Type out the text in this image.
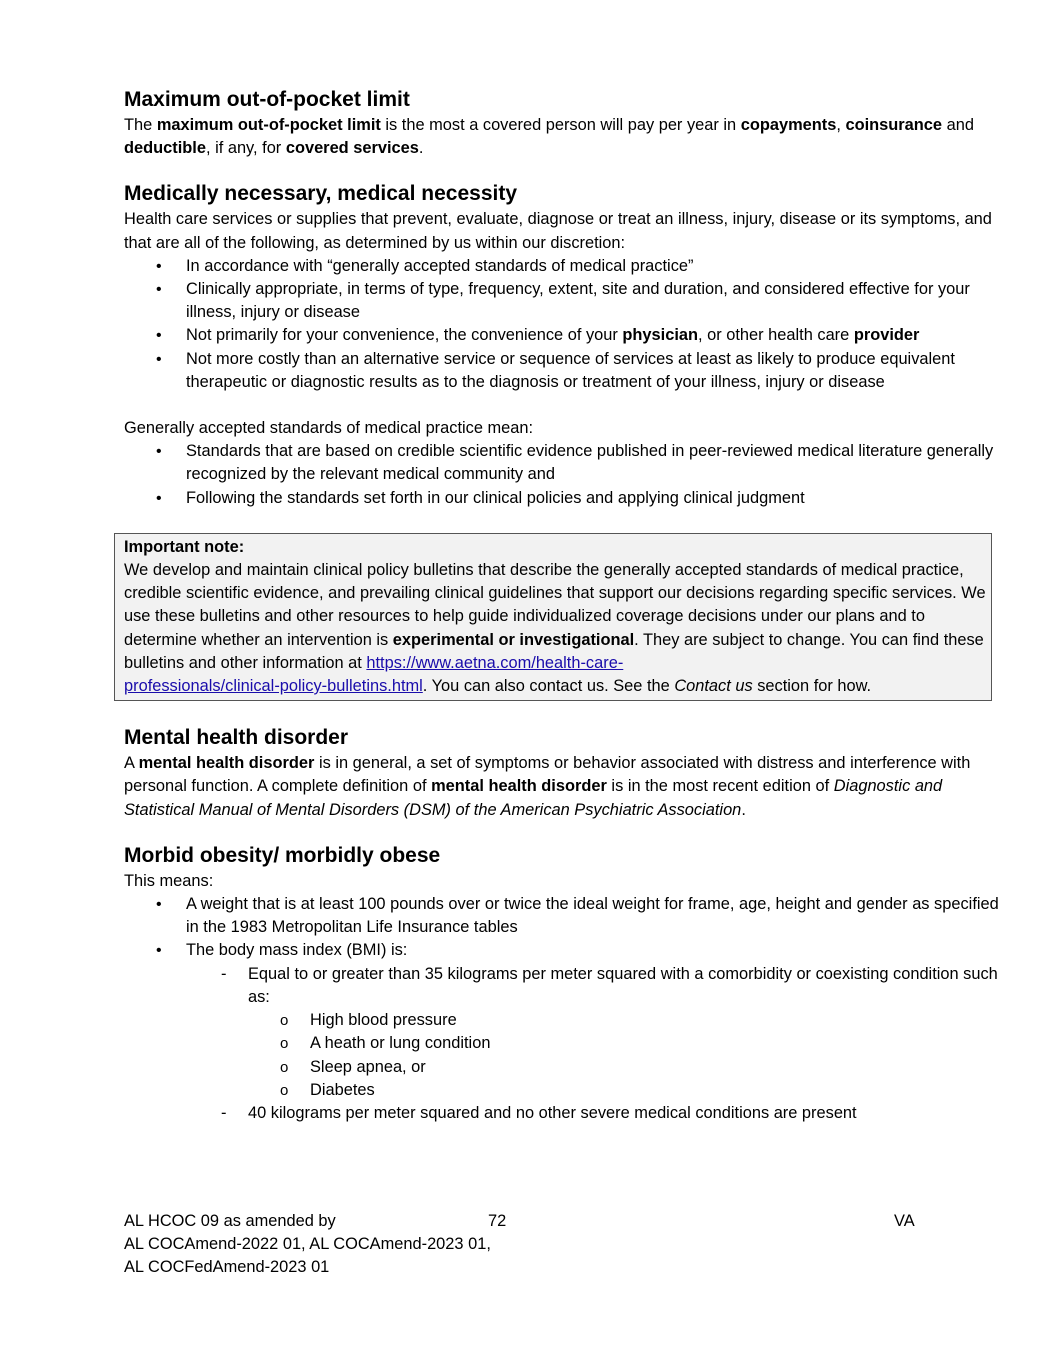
Maximum out-of-pocket limit

The maximum out-of-pocket limit is the most a covered person will pay per year in copayments, coinsurance and deductible, if any, for covered services.

Medically necessary, medical necessity

Health care services or supplies that prevent, evaluate, diagnose or treat an illness, injury, disease or its symptoms, and that are all of the following, as determined by us within our discretion:

• In accordance with “generally accepted standards of medical practice”
• Clinically appropriate, in terms of type, frequency, extent, site and duration, and considered effective for your illness, injury or disease
• Not primarily for your convenience, the convenience of your physician, or other health care provider
• Not more costly than an alternative service or sequence of services at least as likely to produce equivalent therapeutic or diagnostic results as to the diagnosis or treatment of your illness, injury or disease

Generally accepted standards of medical practice mean:

• Standards that are based on credible scientific evidence published in peer-reviewed medical literature generally recognized by the relevant medical community and
• Following the standards set forth in our clinical policies and applying clinical judgment
Important note:

We develop and maintain clinical policy bulletins that describe the generally accepted standards of medical practice, credible scientific evidence, and prevailing clinical guidelines that support our decisions regarding specific services. We use these bulletins and other resources to help guide individualized coverage decisions under our plans and to determine whether an intervention is experimental or investigational. They are subject to change. You can find these bulletins and other information at https://www.aetna.com/health-care-
professionals/clinical-policy-bulletins.html. You can also contact us. See the Contact us section for how.

Mental health disorder

A mental health disorder is in general, a set of symptoms or behavior associated with distress and interference with personal function. A complete definition of mental health disorder is in the most recent edition of Diagnostic and Statistical Manual of Mental Disorders (DSM) of the American Psychiatric Association.

Morbid obesity/ morbidly obese

This means:

• A weight that is at least 100 pounds over or twice the ideal weight for frame, age, height and gender as specified in the 1983 Metropolitan Life Insurance tables
• The body mass index (BMI) is:
- Equal to or greater than 35 kilograms per meter squared with a comorbidity or coexisting condition such as:
o High blood pressure
o A heath or lung condition
o Sleep apnea, or
o Diabetes
- 40 kilograms per meter squared and no other severe medical conditions are present
AL HCOC 09 as amended by
AL COCAmend-2022 01, AL COCAmend-2023 01,
AL COCFedAmend-2023 01
72	VA
